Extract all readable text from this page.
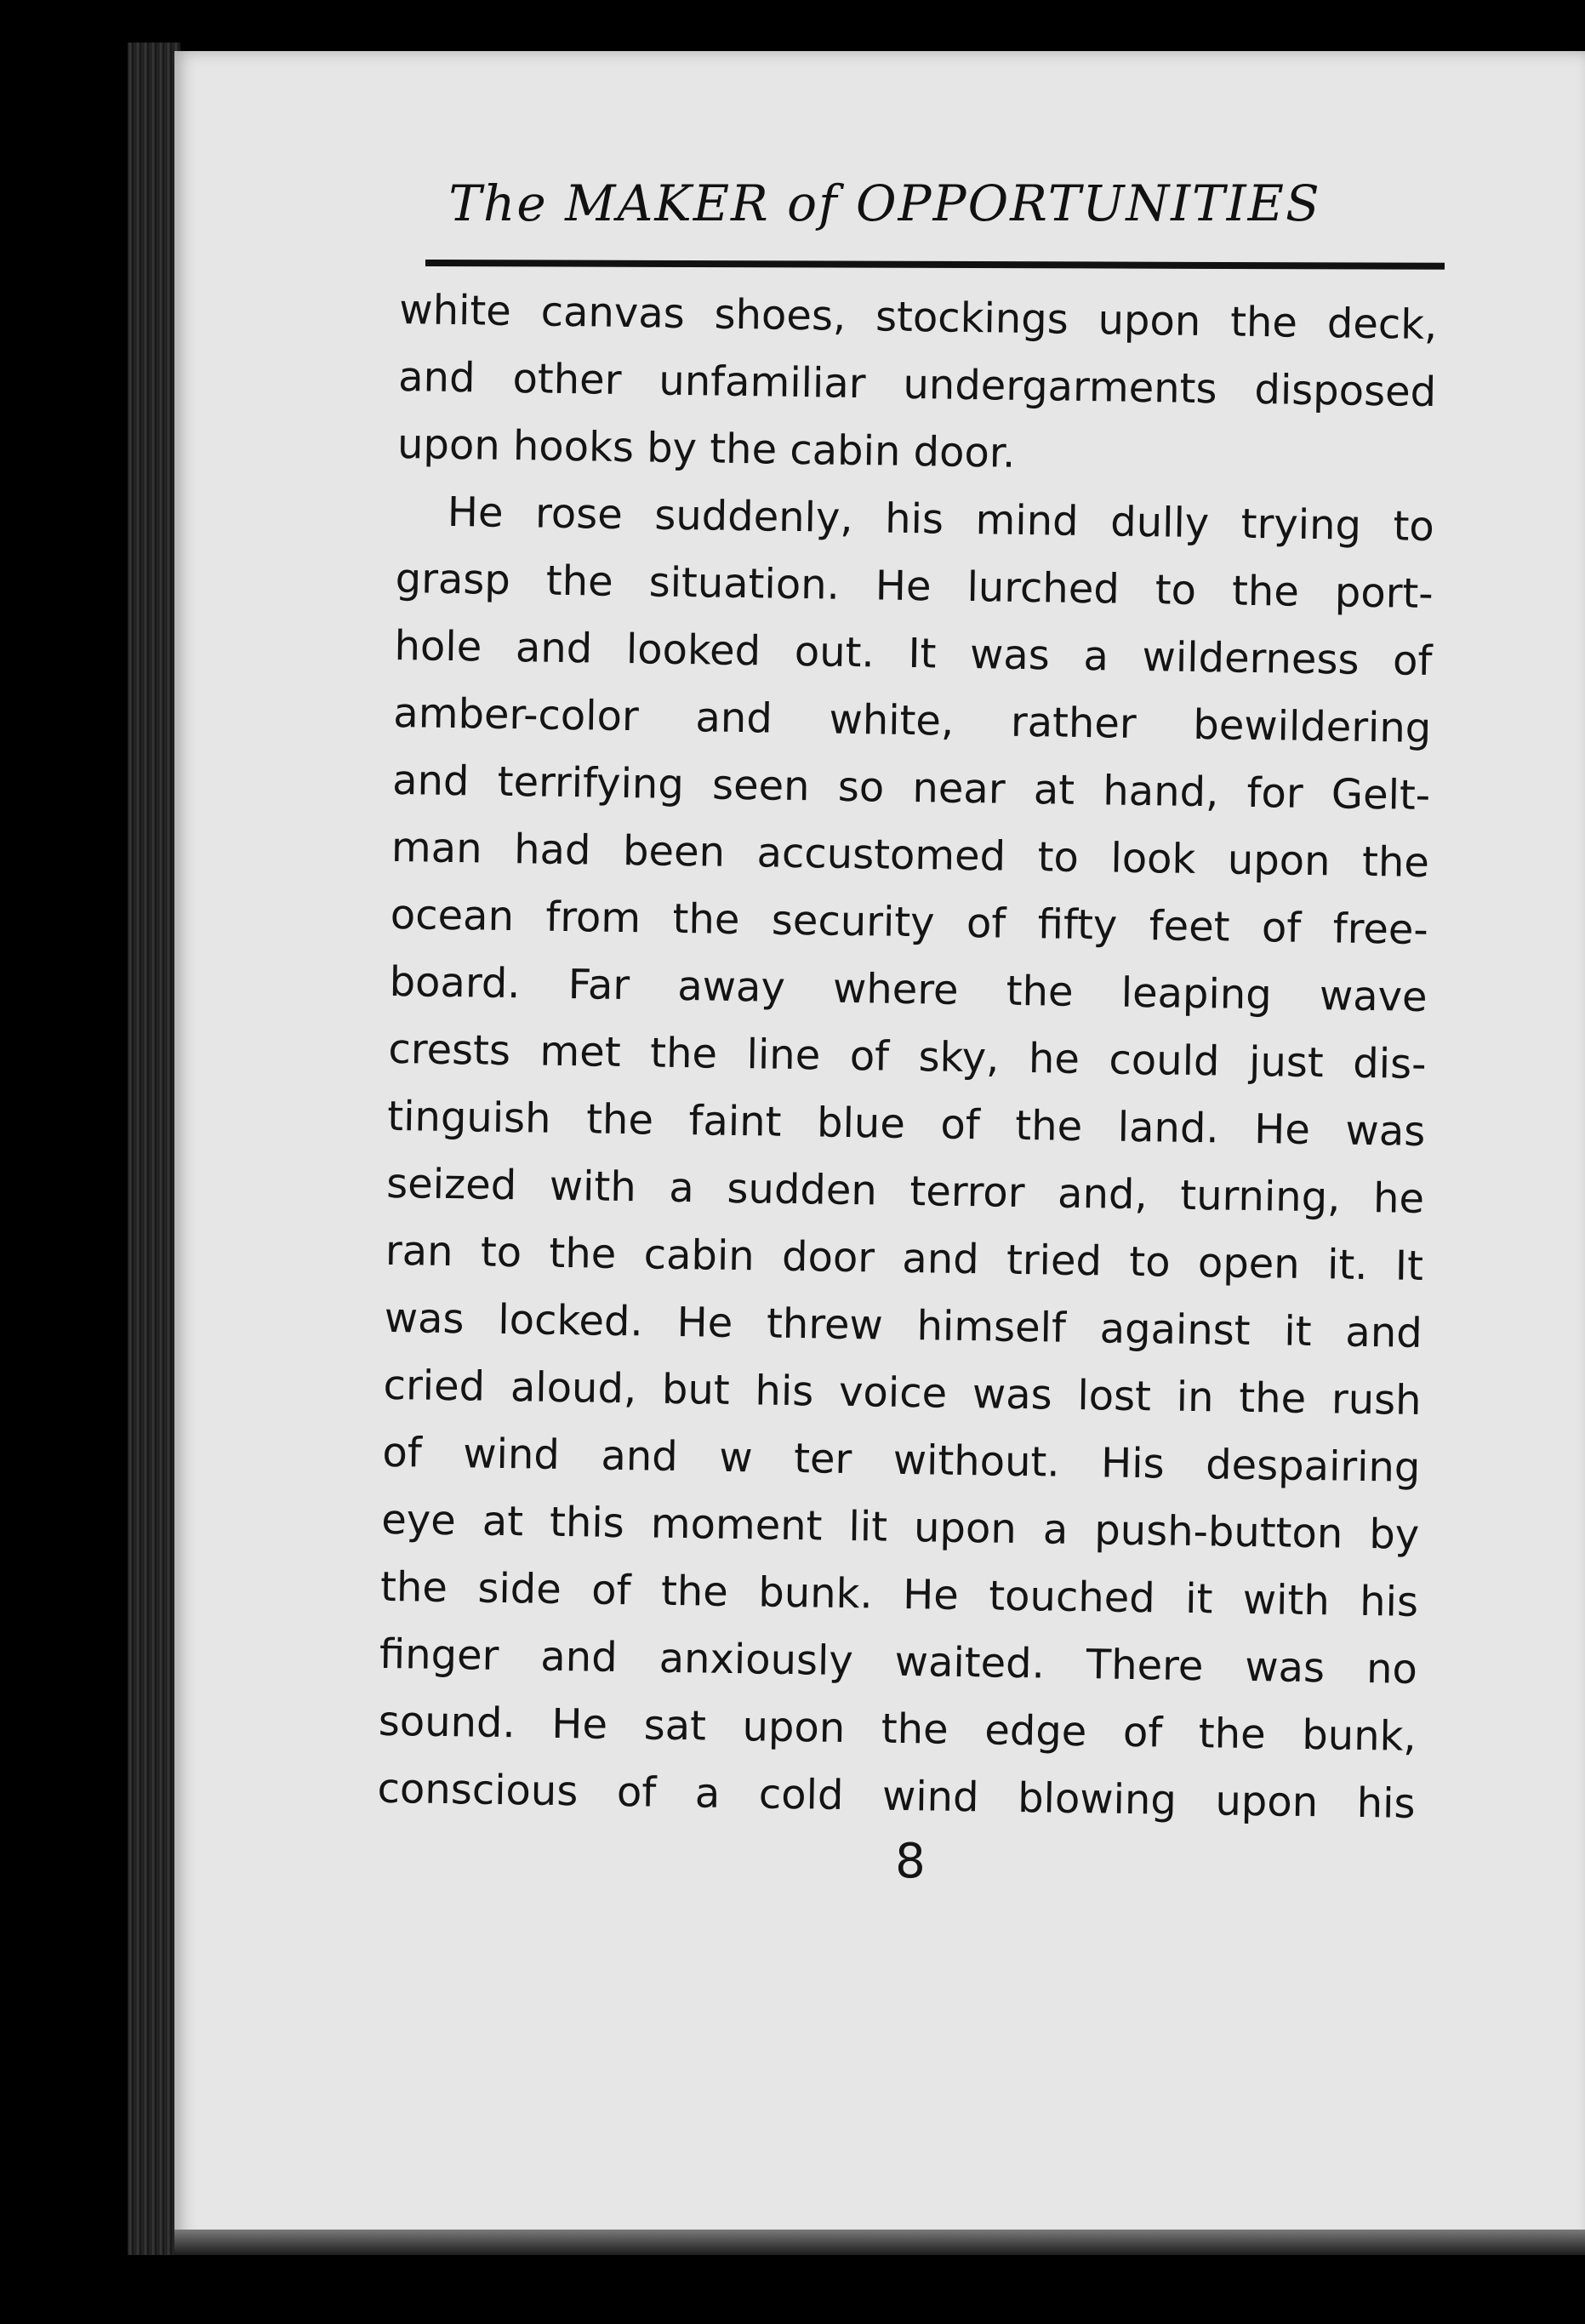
The MAKER of OPPORTUNITIES
white canvas shoes, stockings upon the deck,
and other unfamiliar undergarments disposed
upon hooks by the cabin door.
He rose suddenly, his mind dully trying to
grasp the situation. He lurched to the port-
hole and looked out. It was a wilderness of
amber-color and white, rather bewildering
and terrifying seen so near at hand, for Gelt-
man had been accustomed to look upon the
ocean from the security of fifty feet of free-
board. Far away where the leaping wave
crests met the line of sky, he could just dis-
tinguish the faint blue of the land. He was
seized with a sudden terror and, turning, he
ran to the cabin door and tried to open it. It
was locked. He threw himself against it and
cried aloud, but his voice was lost in the rush
of wind and w ter without. His despairing
eye at this moment lit upon a push-button by
the side of the bunk. He touched it with his
finger and anxiously waited. There was no
sound. He sat upon the edge of the bunk,
conscious of a cold wind blowing upon his
8
